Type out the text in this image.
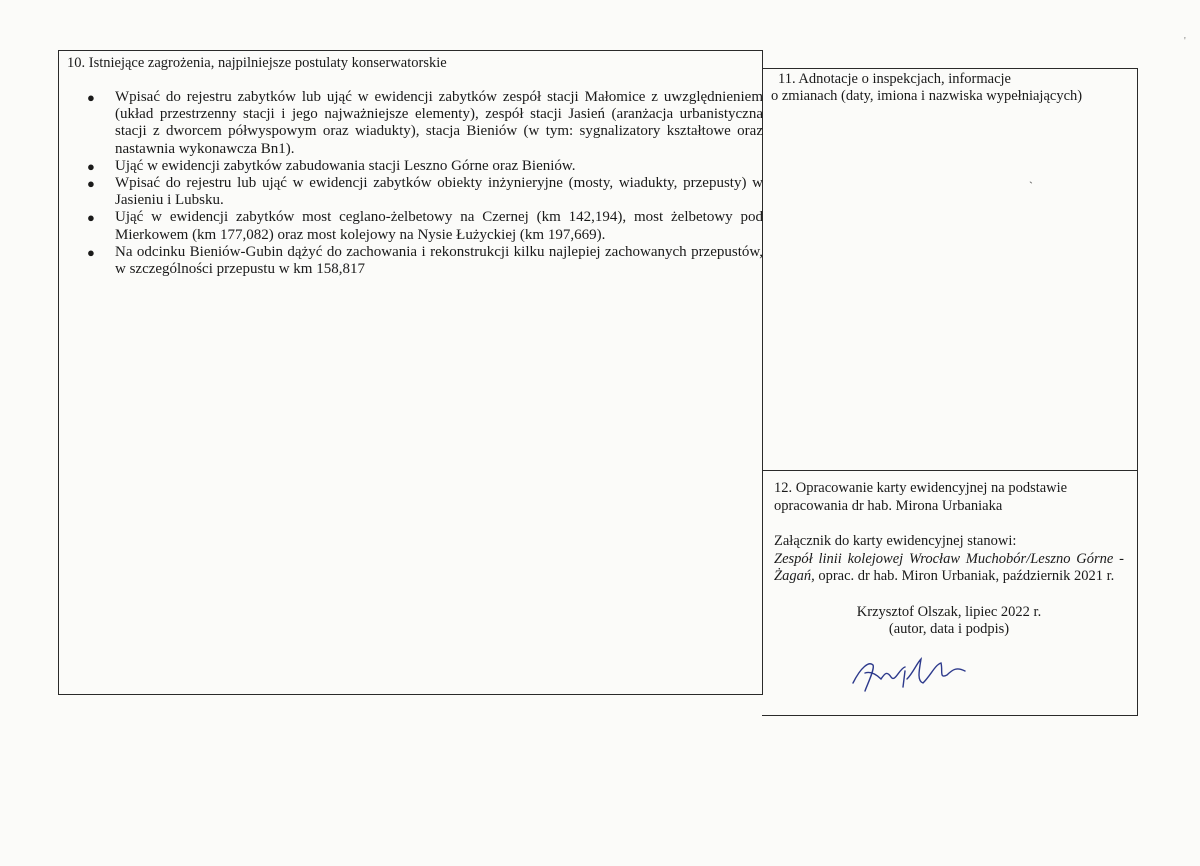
10. Istniejące zagrożenia, najpilniejsze postulaty konserwatorskie
● Wpisać do rejestru zabytków lub ująć w ewidencji zabytków zespół stacji Małomice z uwzględnieniem (układ przestrzenny stacji i jego najważniejsze elementy), zespół stacji Jasień (aranżacja urbanistyczna stacji z dworcem półwyspowym oraz wiadukty), stacja Bieniów (w tym: sygnalizatory kształtowe oraz nastawnia wykonawcza Bn1).
● Ująć w ewidencji zabytków zabudowania stacji Leszno Górne oraz Bieniów.
● Wpisać do rejestru lub ująć w ewidencji zabytków obiekty inżynieryjne (mosty, wiadukty, przepusty) w Jasieniu i Lubsku.
● Ująć w ewidencji zabytków most ceglano-żelbetowy na Czernej (km 142,194), most żelbetowy pod Mierkowem (km 177,082) oraz most kolejowy na Nysie Łużyckiej (km 197,669).
● Na odcinku Bieniów-Gubin dążyć do zachowania i rekonstrukcji kilku najlepiej zachowanych przepustów, w szczególności przepustu w km 158,817
11. Adnotacje o inspekcjach, informacje
o zmianach (daty, imiona i nazwiska wypełniających)

12. Opracowanie karty ewidencyjnej na podstawie

opracowania dr hab. Mirona Urbaniaka

Załącznik do karty ewidencyjnej stanowi:

Zespół linii kolejowej Wrocław Muchobór/Leszno Górne - Żagań, oprac. dr hab. Miron Urbaniak, październik 2021 r.

Krzysztof Olszak, lipiec 2022 r.

(autor, data i podpis)

ˏ
'
